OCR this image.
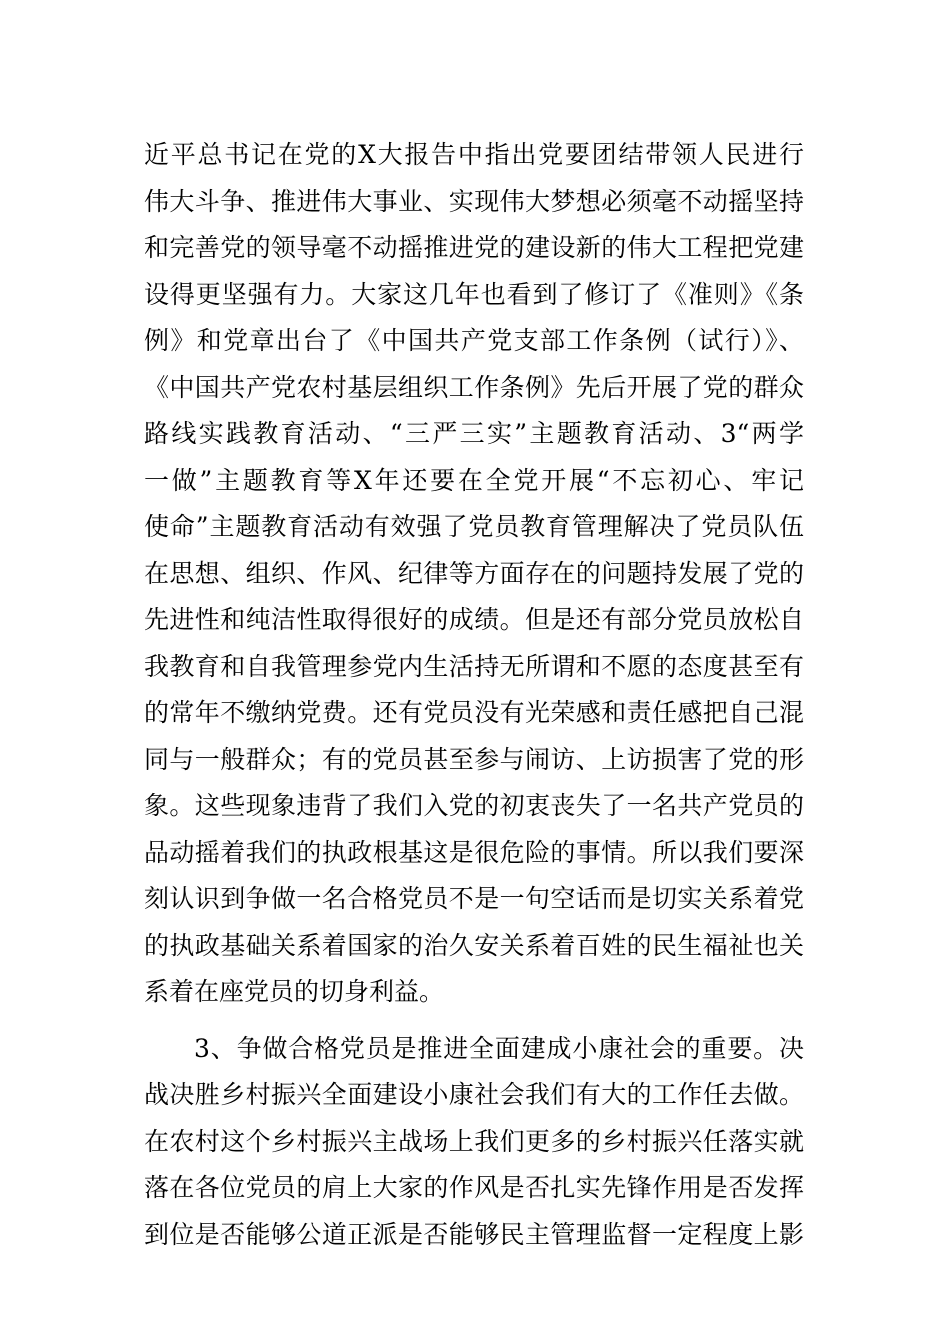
近平总书记在党的X大报告中指出党要团结带领人民进行
伟大斗争、推进伟大事业、实现伟大梦想必须毫不动摇坚持
和完善党的领导毫不动摇推进党的建设新的伟大工程把党建
设得更坚强有力。大家这几年也看到了修订了《准则》《条
例》和党章出台了《中国共产党支部工作条例（试行）》、
《中国共产党农村基层组织工作条例》先后开展了党的群众
路线实践教育活动、“三严三实”主题教育活动、3“两学
一做”主题教育等X年还要在全党开展“不忘初心、牢记
使命”主题教育活动有效强了党员教育管理解决了党员队伍
在思想、组织、作风、纪律等方面存在的问题持发展了党的
先进性和纯洁性取得很好的成绩。但是还有部分党员放松自
我教育和自我管理参党内生活持无所谓和不愿的态度甚至有
的常年不缴纳党费。还有党员没有光荣感和责任感把自己混
同与一般群众；有的党员甚至参与闹访、上访损害了党的形
象。这些现象违背了我们入党的初衷丧失了一名共产党员的
品动摇着我们的执政根基这是很危险的事情。所以我们要深
刻认识到争做一名合格党员不是一句空话而是切实关系着党
的执政基础关系着国家的治久安关系着百姓的民生福祉也关
系着在座党员的切身利益。
3、争做合格党员是推进全面建成小康社会的重要。决
战决胜乡村振兴全面建设小康社会我们有大的工作任去做。
在农村这个乡村振兴主战场上我们更多的乡村振兴任落实就
落在各位党员的肩上大家的作风是否扎实先锋作用是否发挥
到位是否能够公道正派是否能够民主管理监督一定程度上影
